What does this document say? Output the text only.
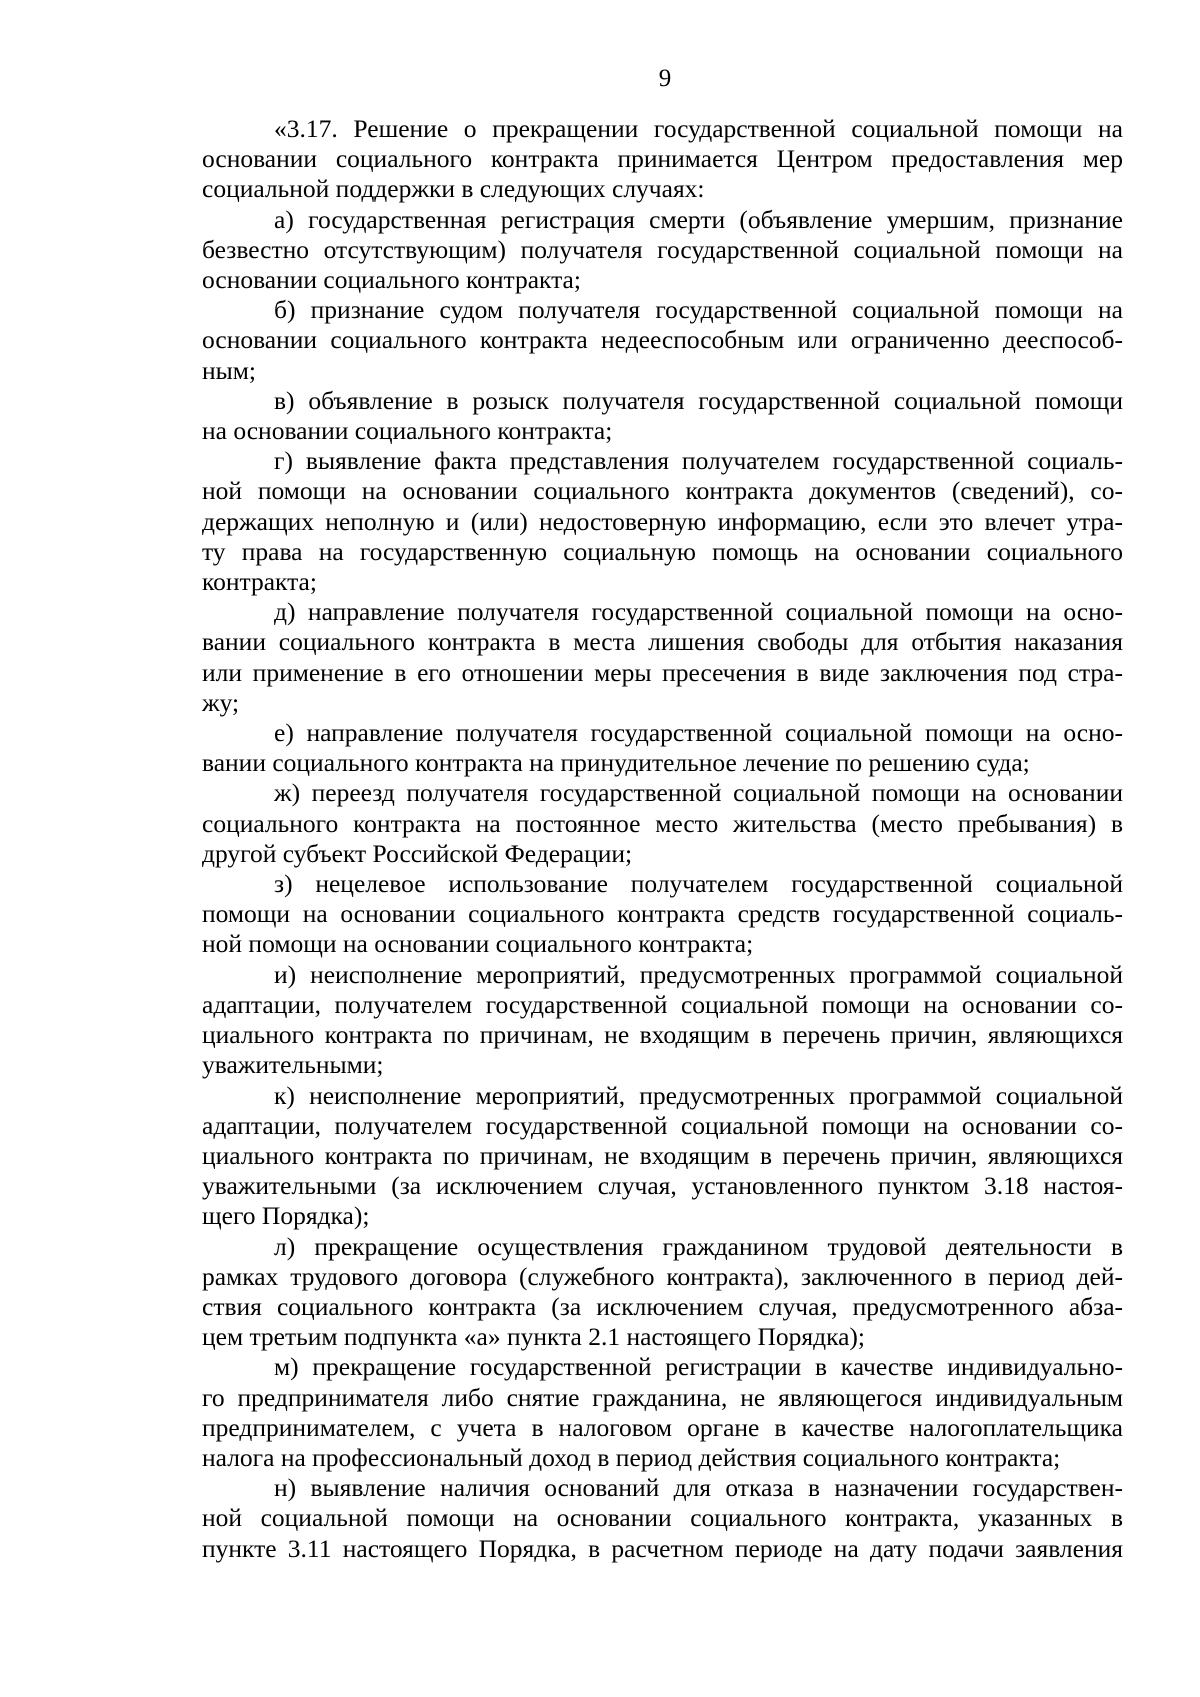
9
«3.17. Решение о прекращении государственной социальной помощи на
основании социального контракта принимается Центром предоставления мер
социальной поддержки в следующих случаях:
а) государственная регистрация смерти (объявление умершим, признание
безвестно отсутствующим) получателя государственной социальной помощи на
основании социального контракта;
б) признание судом получателя государственной социальной помощи на
основании социального контракта недееспособным или ограниченно дееспособ-
ным;
в) объявление в розыск получателя государственной социальной помощи
на основании социального контракта;
г) выявление факта представления получателем государственной социаль-
ной помощи на основании социального контракта документов (сведений), со-
держащих неполную и (или) недостоверную информацию, если это влечет утра-
ту права на государственную социальную помощь на основании социального
контракта;
д) направление получателя государственной социальной помощи на осно-
вании социального контракта в места лишения свободы для отбытия наказания
или применение в его отношении меры пресечения в виде заключения под стра-
жу;
е) направление получателя государственной социальной помощи на осно-
вании социального контракта на принудительное лечение по решению суда;
ж) переезд получателя государственной социальной помощи на основании
социального контракта на постоянное место жительства (место пребывания) в
другой субъект Российской Федерации;
з) нецелевое использование получателем государственной социальной
помощи на основании социального контракта средств государственной социаль-
ной помощи на основании социального контракта;
и) неисполнение мероприятий, предусмотренных программой социальной
адаптации, получателем государственной социальной помощи на основании со-
циального контракта по причинам, не входящим в перечень причин, являющихся
уважительными;
к) неисполнение мероприятий, предусмотренных программой социальной
адаптации, получателем государственной социальной помощи на основании со-
циального контракта по причинам, не входящим в перечень причин, являющихся
уважительными (за исключением случая, установленного пунктом 3.18 настоя-
щего Порядка);
л) прекращение осуществления гражданином трудовой деятельности в
рамках трудового договора (служебного контракта), заключенного в период дей-
ствия социального контракта (за исключением случая, предусмотренного абза-
цем третьим подпункта «а» пункта 2.1 настоящего Порядка);
м) прекращение государственной регистрации в качестве индивидуально-
го предпринимателя либо снятие гражданина, не являющегося индивидуальным
предпринимателем, с учета в налоговом органе в качестве налогоплательщика
налога на профессиональный доход в период действия социального контракта;
н) выявление наличия оснований для отказа в назначении государствен-
ной социальной помощи на основании социального контракта, указанных в
пункте 3.11 настоящего Порядка, в расчетном периоде на дату подачи заявления
